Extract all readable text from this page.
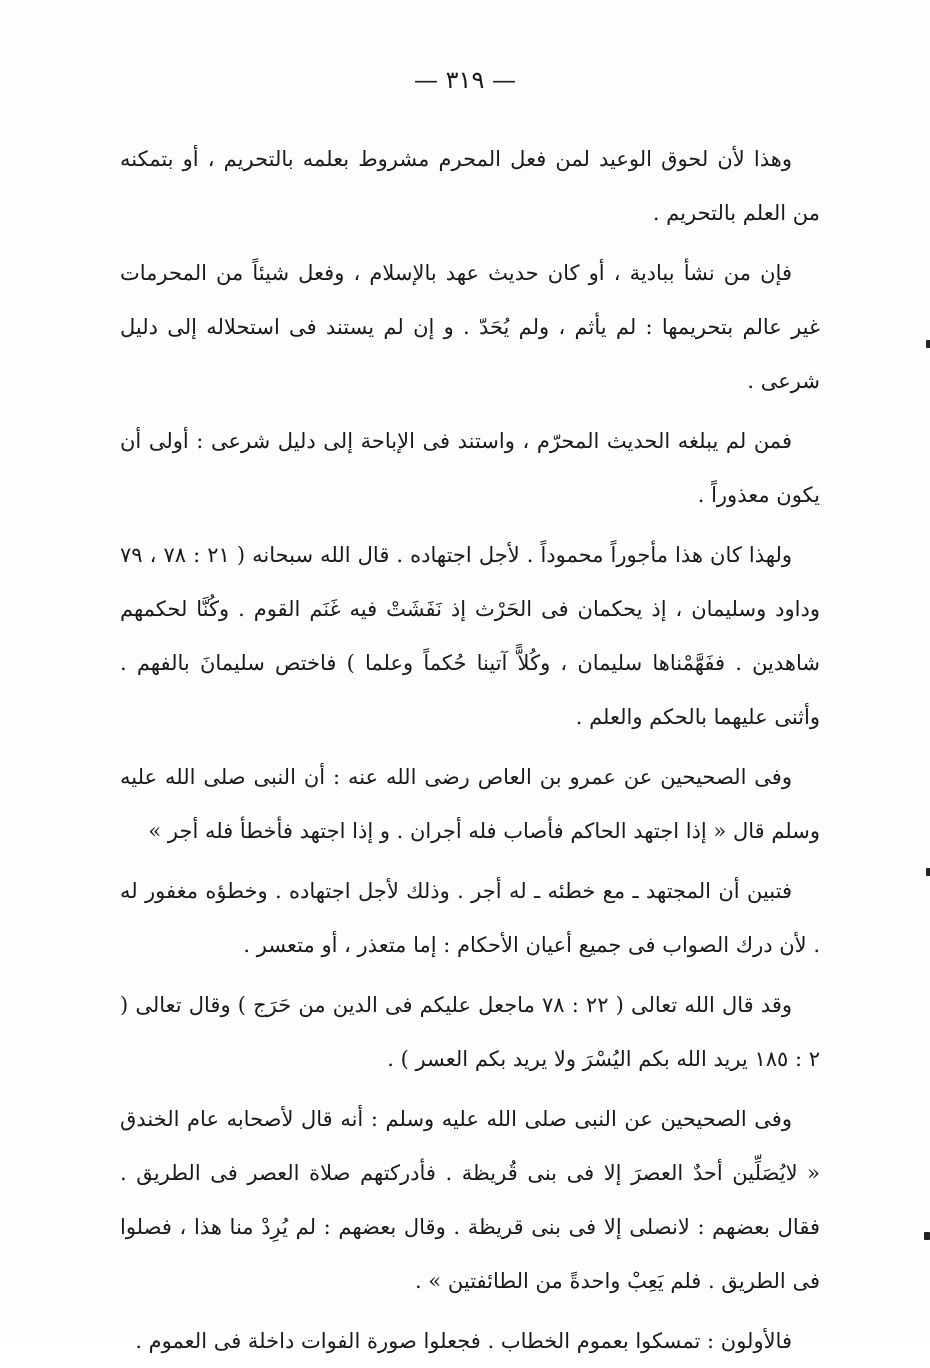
— ٣١٩ —

وهذا لأن لحوق الوعيد لمن فعل المحرم مشروط بعلمه بالتحريم ، أو بتمكنه من العلم بالتحريم .

فإن من نشأ ببادية ، أو كان حديث عهد بالإسلام ، وفعل شيئاً من المحرمات غير عالم بتحريمها : لم يأثم ، ولم يُحَدّ . و إن لم يستند فى استحلاله إلى دليل شرعى .

فمن لم يبلغه الحديث المحرّم ، واستند فى الإباحة إلى دليل شرعى : أولى أن يكون معذوراً .

ولهذا كان هذا مأجوراً محموداً . لأجل اجتهاده . قال الله سبحانه ( ٢١ : ٧٨ ، ٧٩ وداود وسليمان ، إذ يحكمان فى الحَرْث إذ نَفَشَتْ فيه غَنَم القوم . وكُنَّا لحكمهم شاهدين . ففَهَّمْناها سليمان ، وكُلاًّ آتينا حُكماً وعلما ) فاختص سليمانَ بالفهم . وأثنى عليهما بالحكم والعلم .

وفى الصحيحين عن عمرو بن العاص رضى الله عنه : أن النبى صلى الله عليه وسلم قال « إذا اجتهد الحاكم فأصاب فله أجران . و إذا اجتهد فأخطأ فله أجر »

فتبين أن المجتهد ـ مع خطئه ـ له أجر . وذلك لأجل اجتهاده . وخطؤه مغفور له . لأن درك الصواب فى جميع أعيان الأحكام : إما متعذر ، أو متعسر .

وقد قال الله تعالى ( ٢٢ : ٧٨ ماجعل عليكم فى الدين من حَرَج ) وقال تعالى ( ٢ : ١٨٥ يريد الله بكم اليُسْرَ ولا يريد بكم العسر ) .

وفى الصحيحين عن النبى صلى الله عليه وسلم : أنه قال لأصحابه عام الخندق « لايُصَلِّين أحدٌ العصرَ إلا فى بنى قُريظة . فأدركتهم صلاة العصر فى الطريق . فقال بعضهم : لانصلى إلا فى بنى قريظة . وقال بعضهم : لم يُرِدْ منا هذا ، فصلوا فى الطريق . فلم يَعِبْ واحدةً من الطائفتين » .

فالأولون : تمسكوا بعموم الخطاب . فجعلوا صورة الفوات داخلة فى العموم .
